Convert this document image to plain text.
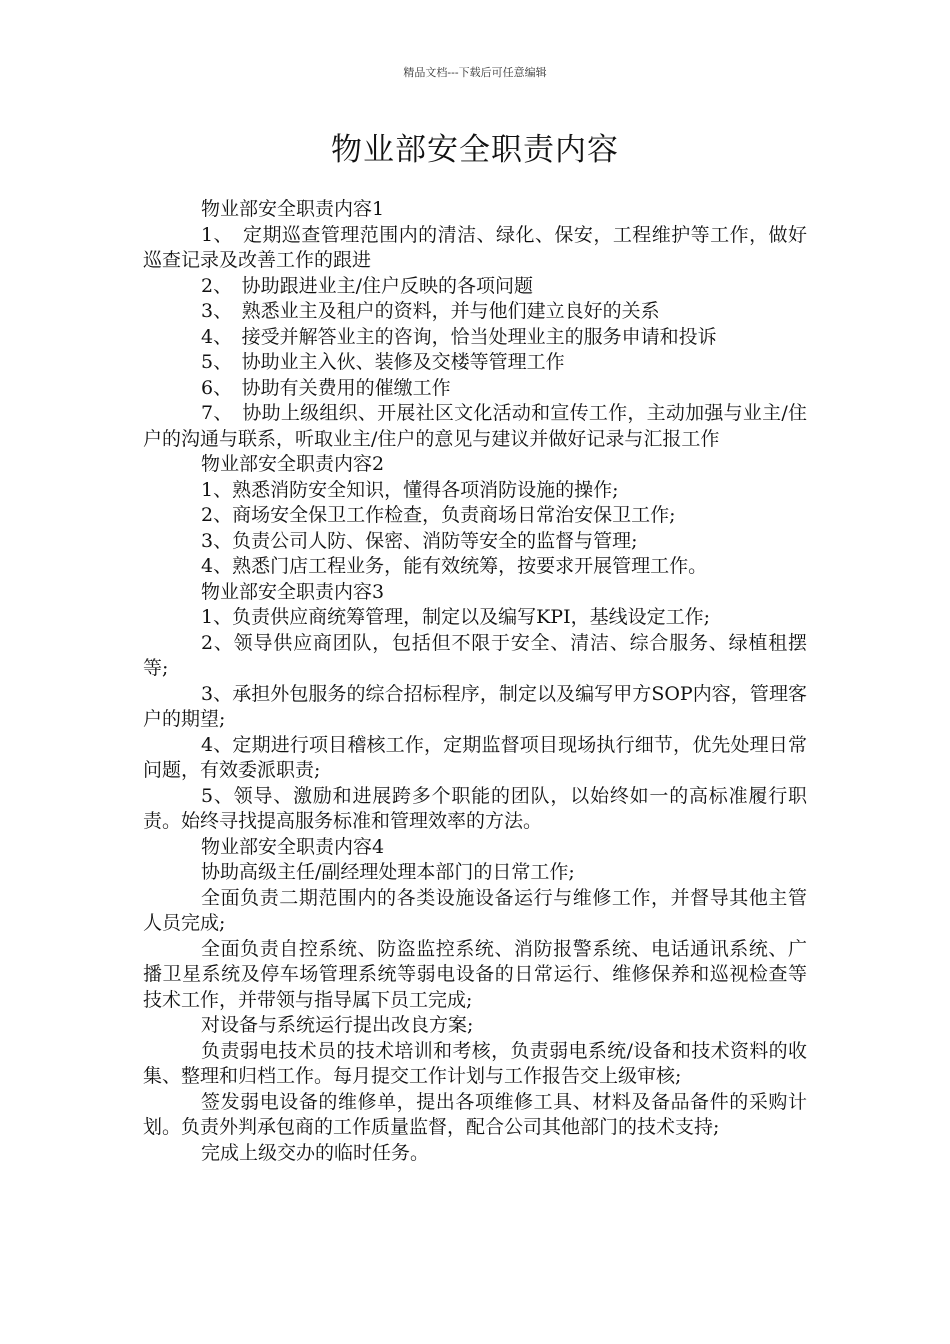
精品文档---下载后可任意编辑
物业部安全职责内容

物业部安全职责内容1

1、　定期巡查管理范围内的清洁、绿化、保安，工程维护等工作，做好巡查记录及改善工作的跟进

2、　协助跟进业主/住户反映的各项问题

3、　熟悉业主及租户的资料，并与他们建立良好的关系

4、　接受并解答业主的咨询，恰当处理业主的服务申请和投诉

5、　协助业主入伙、装修及交楼等管理工作

6、　协助有关费用的催缴工作

7、　协助上级组织、开展社区文化活动和宣传工作，主动加强与业主/住户的沟通与联系，听取业主/住户的意见与建议并做好记录与汇报工作

物业部安全职责内容2

1、熟悉消防安全知识，懂得各项消防设施的操作;

2、商场安全保卫工作检查，负责商场日常治安保卫工作;

3、负责公司人防、保密、消防等安全的监督与管理;

4、熟悉门店工程业务，能有效统筹，按要求开展管理工作。

物业部安全职责内容3

1、负责供应商统筹管理，制定以及编写KPI，基线设定工作;

2、领导供应商团队，包括但不限于安全、清洁、综合服务、绿植租摆等;

3、承担外包服务的综合招标程序，制定以及编写甲方SOP内容，管理客户的期望;

4、定期进行项目稽核工作，定期监督项目现场执行细节，优先处理日常问题，有效委派职责;

5、领导、激励和进展跨多个职能的团队，以始终如一的高标准履行职责。始终寻找提高服务标准和管理效率的方法。

物业部安全职责内容4

协助高级主任/副经理处理本部门的日常工作;

全面负责二期范围内的各类设施设备运行与维修工作，并督导其他主管人员完成;

全面负责自控系统、防盗监控系统、消防报警系统、电话通讯系统、广播卫星系统及停车场管理系统等弱电设备的日常运行、维修保养和巡视检查等技术工作，并带领与指导属下员工完成;

对设备与系统运行提出改良方案;

负责弱电技术员的技术培训和考核，负责弱电系统/设备和技术资料的收集、整理和归档工作。每月提交工作计划与工作报告交上级审核;

签发弱电设备的维修单，提出各项维修工具、材料及备品备件的采购计划。负责外判承包商的工作质量监督，配合公司其他部门的技术支持;

完成上级交办的临时任务。
